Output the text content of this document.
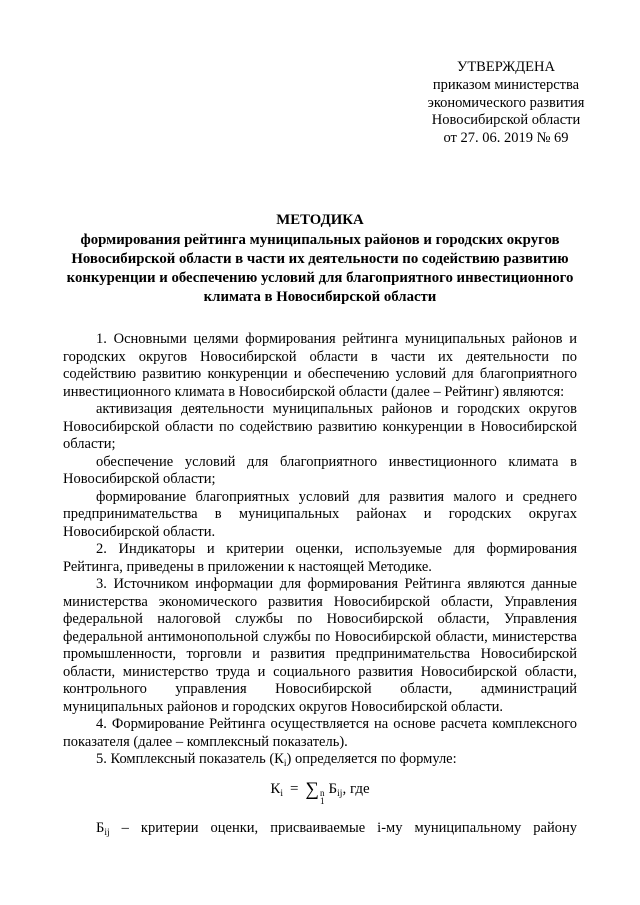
УТВЕРЖДЕНА
приказом министерства
экономического развития
Новосибирской области
от 27. 06. 2019 № 69
МЕТОДИКА
формирования рейтинга муниципальных районов и городских округов Новосибирской области в части их деятельности по содействию развитию конкуренции и обеспечению условий для благоприятного инвестиционного климата в Новосибирской области

1. Основными целями формирования рейтинга муниципальных районов и городских округов Новосибирской области в части их деятельности по содействию развитию конкуренции и обеспечению условий для благоприятного инвестиционного климата в Новосибирской области (далее – Рейтинг) являются:

активизация деятельности муниципальных районов и городских округов Новосибирской области по содействию развитию конкуренции в Новосибирской области;

обеспечение условий для благоприятного инвестиционного климата в Новосибирской области;

формирование благоприятных условий для развития малого и среднего предпринимательства в муниципальных районах и городских округах Новосибирской области.

2. Индикаторы и критерии оценки, используемые для формирования Рейтинга, приведены в приложении к настоящей Методике.

3. Источником информации для формирования Рейтинга являются данные министерства экономического развития Новосибирской области, Управления федеральной налоговой службы по Новосибирской области, Управления федеральной антимонопольной службы по Новосибирской области, министерства промышленности, торговли и развития предпринимательства Новосибирской области, министерство труда и социального развития Новосибирской области, контрольного управления Новосибирской области, администраций муниципальных районов и городских округов Новосибирской области.

4. Формирование Рейтинга осуществляется на основе расчета комплексного показателя (далее – комплексный показатель).

5. Комплексный показатель $(К_i)$ определяется по формуле:

$К_i$ = ∑ n
1
$Б_{ij}$, где

$Б_{ij}$ – критерии оценки, присваиваемые i-му муниципальному району
